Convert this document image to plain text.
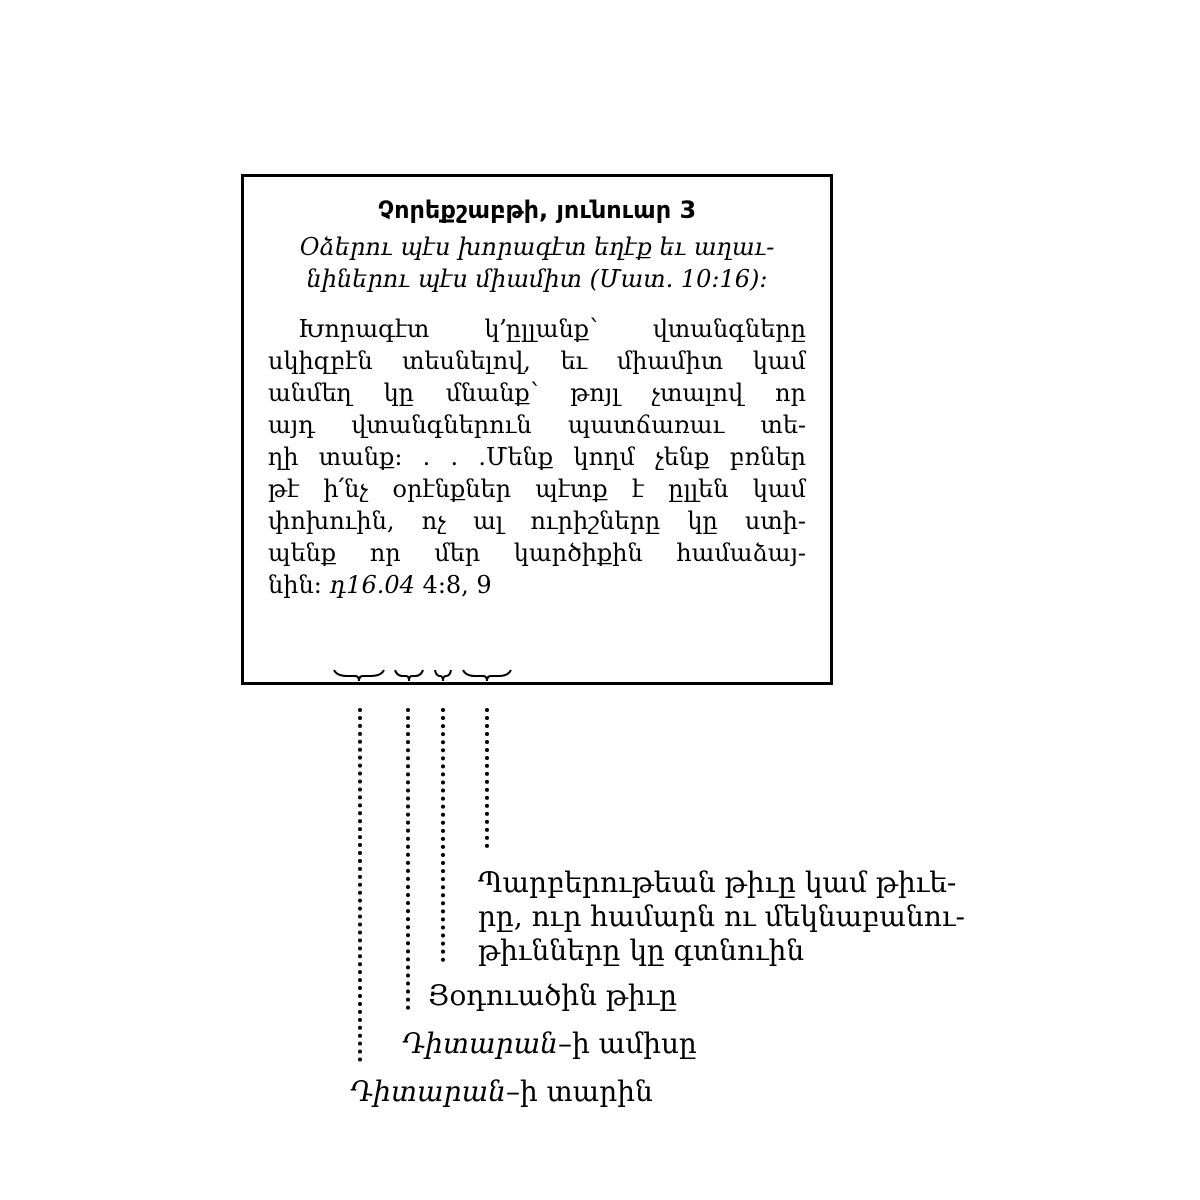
Չորեքշաբթի, յունուար 3
Օձերու պէս խորագէտ եղէք եւ աղաւ-
նիներու պէս միամիտ (Մատ. 10:16):
Խորագէտ կ՚ըլլանք՝ վտանգները
սկիզբէն տեսնելով, եւ միամիտ կամ
անմեղ կը մնանք՝ թոյլ չտալով որ
այդ վտանգներուն պատճառաւ տե-
ղի տանք: . . .Մենք կողմ չենք բռներ
թէ ի՛նչ օրէնքներ պէտք է ըլլեն կամ
փոխուին, ոչ ալ ուրիշները կը ստի-
պենք որ մեր կարծիքին համաձայ-
նին: դ16.04 4:8, 9
Պարբերութեան թիւը կամ թիւե-
րը, ուր համարն ու մեկնաբանու-
թիւնները կը գտնուին
Յօդուածին թիւը
Դիտարան–ի ամիսը
Դիտարան–ի տարին
